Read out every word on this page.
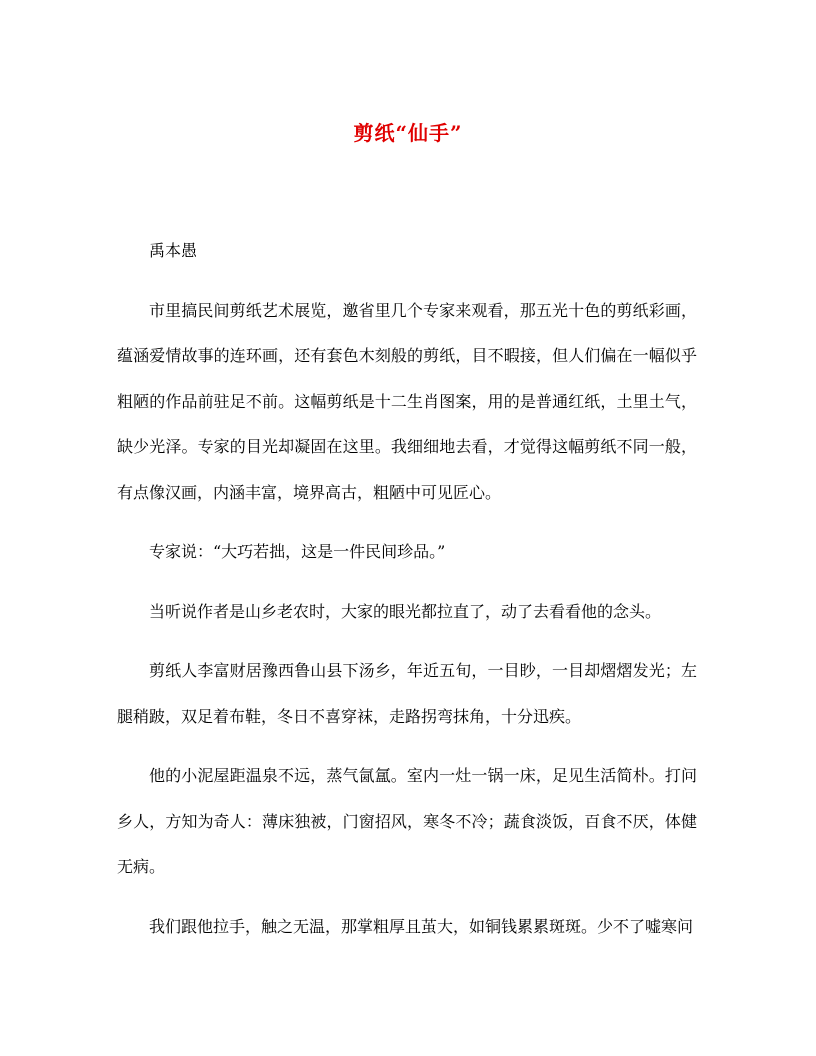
剪纸“仙手”

禹本愚

市里搞民间剪纸艺术展览，邀省里几个专家来观看，那五光十色的剪纸彩画，蕴涵爱情故事的连环画，还有套色木刻般的剪纸，目不暇接，但人们偏在一幅似乎粗陋的作品前驻足不前。这幅剪纸是十二生肖图案，用的是普通红纸，土里土气，缺少光泽。专家的目光却凝固在这里。我细细地去看，才觉得这幅剪纸不同一般，有点像汉画，内涵丰富，境界高古，粗陋中可见匠心。

专家说：“大巧若拙，这是一件民间珍品。”

当听说作者是山乡老农时，大家的眼光都拉直了，动了去看看他的念头。

剪纸人李富财居豫西鲁山县下汤乡，年近五旬，一目眇，一目却熠熠发光；左腿稍跛，双足着布鞋，冬日不喜穿袜，走路拐弯抹角，十分迅疾。

他的小泥屋距温泉不远，蒸气氤氲。室内一灶一锅一床，足见生活简朴。打问乡人，方知为奇人：薄床独被，门窗招风，寒冬不冷；蔬食淡饭，百食不厌，体健无病。

我们跟他拉手，触之无温，那掌粗厚且茧大，如铜钱累累斑斑。少不了嘘寒问
